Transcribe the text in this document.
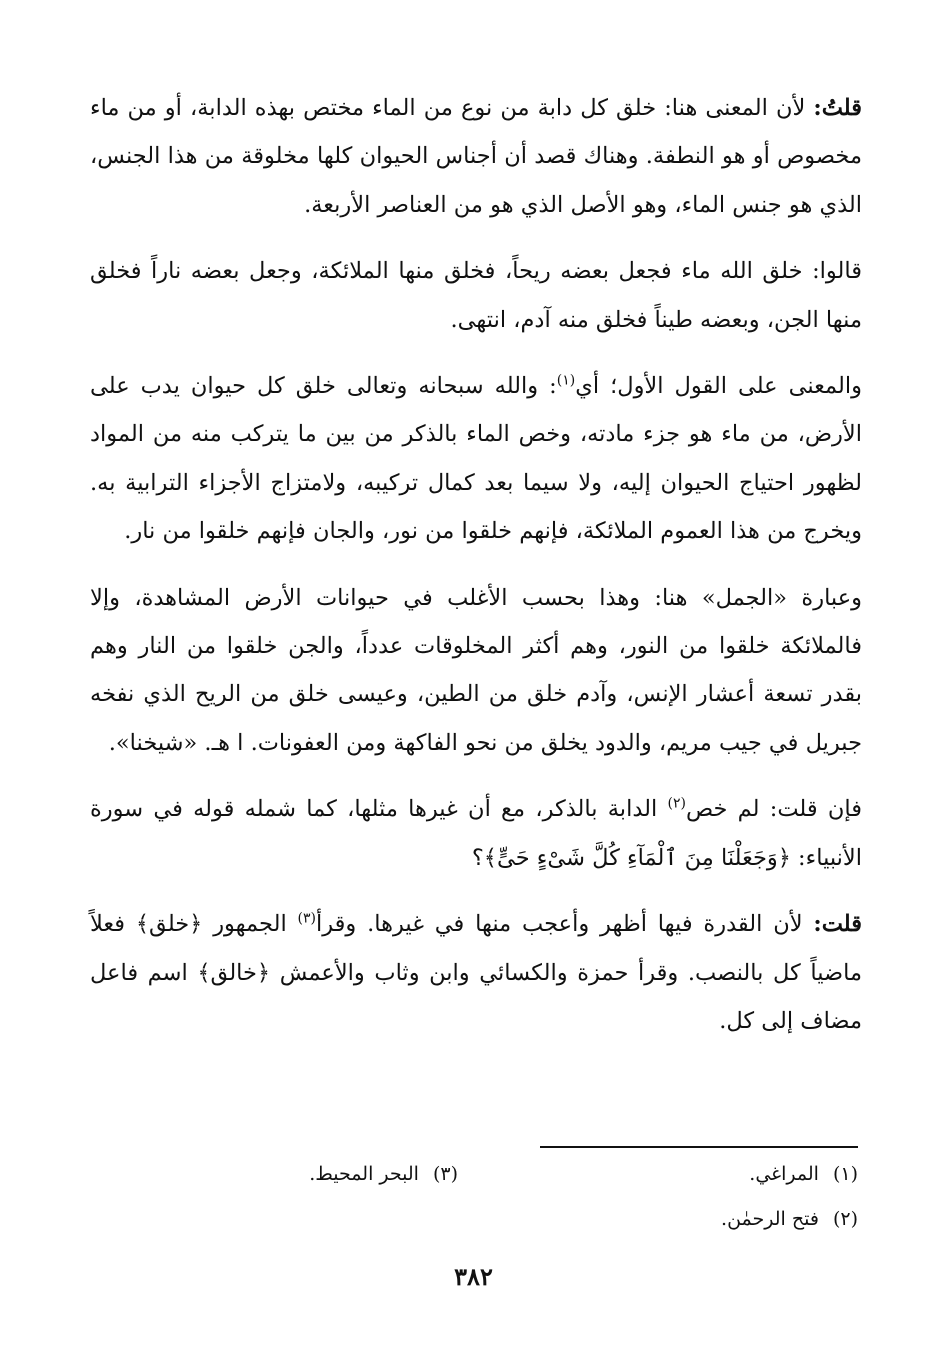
قلتُ: لأن المعنى هنا: خلق كل دابة من نوع من الماء مختص بهذه الدابة، أو من ماء مخصوص أو هو النطفة. وهناك قصد أن أجناس الحيوان كلها مخلوقة من هذا الجنس، الذي هو جنس الماء، وهو الأصل الذي هو من العناصر الأربعة.

قالوا: خلق الله ماء فجعل بعضه ريحاً، فخلق منها الملائكة، وجعل بعضه ناراً فخلق منها الجن، وبعضه طيناً فخلق منه آدم، انتهى.

والمعنى على القول الأول؛ أي$^{(١)}$: والله سبحانه وتعالى خلق كل حيوان يدب على الأرض، من ماء هو جزء مادته، وخص الماء بالذكر من بين ما يتركب منه من المواد لظهور احتياج الحيوان إليه، ولا سيما بعد كمال تركيبه، ولامتزاج الأجزاء الترابية به. ويخرج من هذا العموم الملائكة، فإنهم خلقوا من نور، والجان فإنهم خلقوا من نار.

وعبارة «الجمل» هنا: وهذا بحسب الأغلب في حيوانات الأرض المشاهدة، وإلا فالملائكة خلقوا من النور، وهم أكثر المخلوقات عدداً، والجن خلقوا من النار وهم بقدر تسعة أعشار الإنس، وآدم خلق من الطين، وعيسى خلق من الريح الذي نفخه جبريل في جيب مريم، والدود يخلق من نحو الفاكهة ومن العفونات. ا هـ. «شيخنا».

فإن قلت: لم خص$^{(٢)}$ الدابة بالذكر، مع أن غيرها مثلها، كما شمله قوله في سورة الأنبياء: ﴿وَجَعَلْنَا مِنَ ٱلْمَآءِ كُلَّ شَىْءٍ حَىٍّ﴾؟

قلت: لأن القدرة فيها أظهر وأعجب منها في غيرها. وقرأ$^{(٣)}$ الجمهور ﴿خلق﴾ فعلاً ماضياً كل بالنصب. وقرأ حمزة والكسائي وابن وثاب والأعمش ﴿خالق﴾ اسم فاعل مضاف إلى كل.

(١)المراغي.
(٢)فتح الرحمٰن.
(٣)البحر المحيط.
٣٨٢
